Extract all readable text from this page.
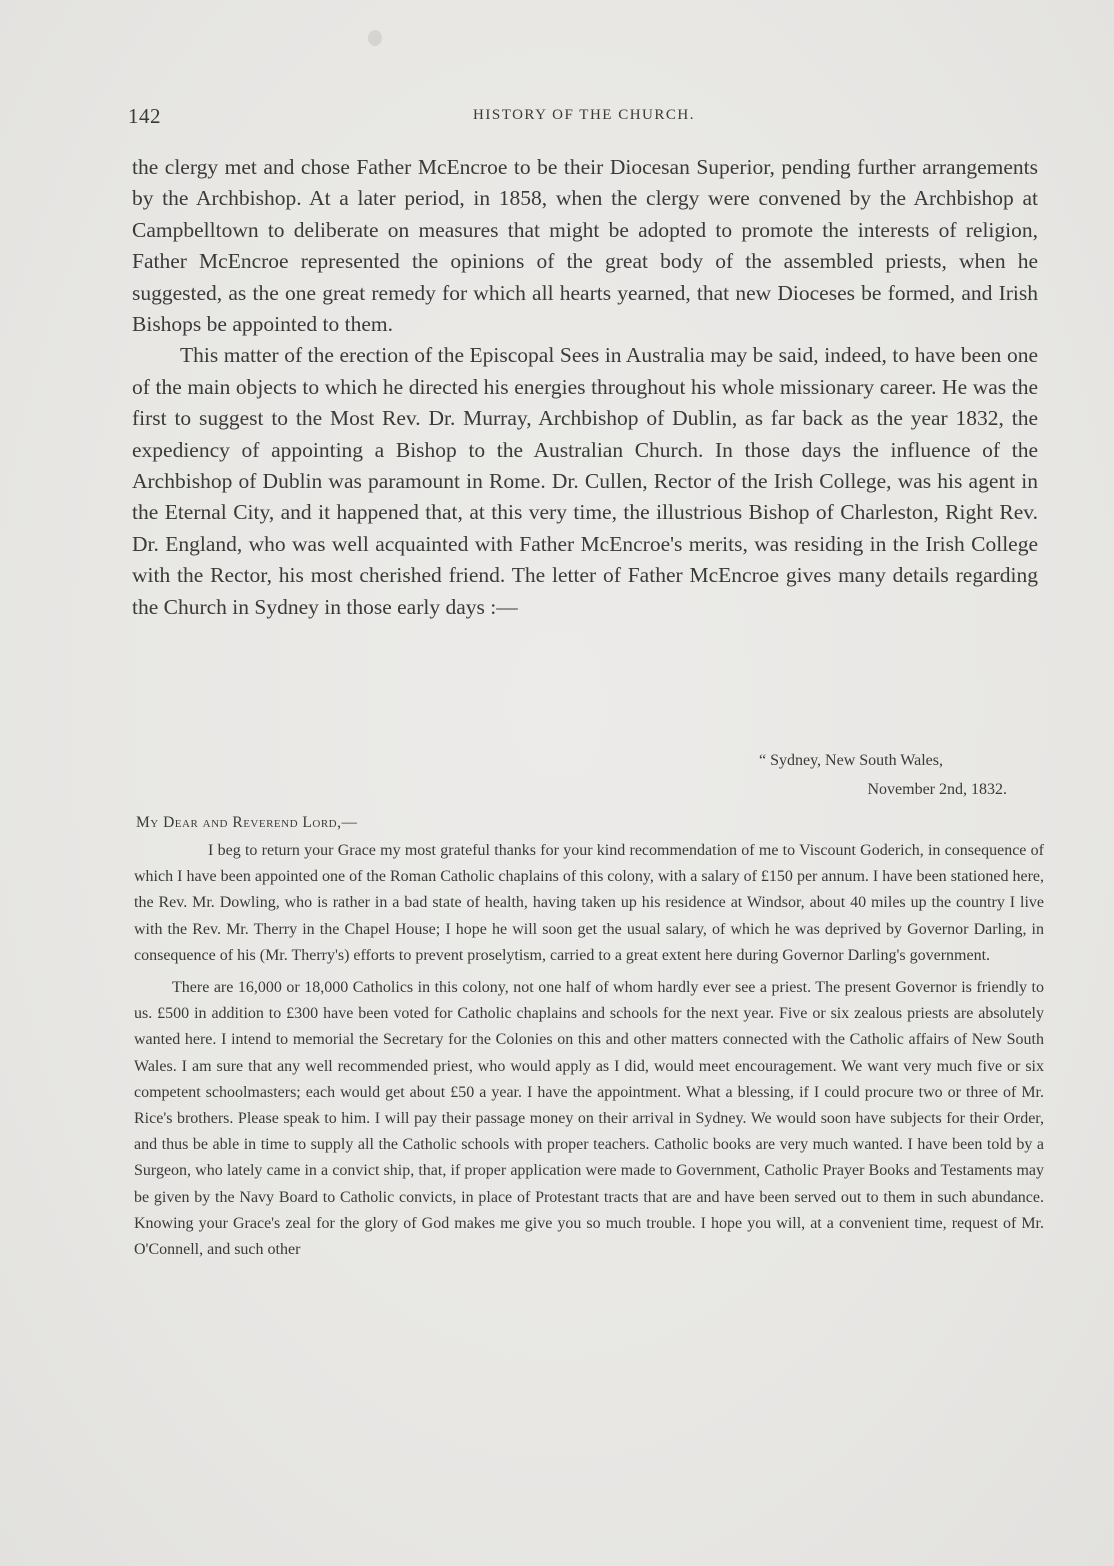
142	HISTORY OF THE CHURCH.

the clergy met and chose Father McEncroe to be their Diocesan Superior, pending further arrangements by the Archbishop. At a later period, in 1858, when the clergy were convened by the Archbishop at Campbelltown to deliberate on measures that might be adopted to promote the interests of religion, Father McEncroe represented the opinions of the great body of the assembled priests, when he suggested, as the one great remedy for which all hearts yearned, that new Dioceses be formed, and Irish Bishops be appointed to them.

This matter of the erection of the Episcopal Sees in Australia may be said, indeed, to have been one of the main objects to which he directed his energies throughout his whole missionary career. He was the first to suggest to the Most Rev. Dr. Murray, Archbishop of Dublin, as far back as the year 1832, the expediency of appointing a Bishop to the Australian Church. In those days the influence of the Archbishop of Dublin was paramount in Rome. Dr. Cullen, Rector of the Irish College, was his agent in the Eternal City, and it happened that, at this very time, the illustrious Bishop of Charleston, Right Rev. Dr. England, who was well acquainted with Father McEncroe's merits, was residing in the Irish College with the Rector, his most cherished friend. The letter of Father McEncroe gives many details regarding the Church in Sydney in those early days :—

“ Sydney, New South Wales,
November 2nd, 1832.
My Dear and Reverend Lord,—

I beg to return your Grace my most grateful thanks for your kind recommendation of me to Viscount Goderich, in consequence of which I have been appointed one of the Roman Catholic chaplains of this colony, with a salary of £150 per annum. I have been stationed here, the Rev. Mr. Dowling, who is rather in a bad state of health, having taken up his residence at Windsor, about 40 miles up the country I live with the Rev. Mr. Therry in the Chapel House; I hope he will soon get the usual salary, of which he was deprived by Governor Darling, in consequence of his (Mr. Therry's) efforts to prevent proselytism, carried to a great extent here during Governor Darling's government.

There are 16,000 or 18,000 Catholics in this colony, not one half of whom hardly ever see a priest. The present Governor is friendly to us. £500 in addition to £300 have been voted for Catholic chaplains and schools for the next year. Five or six zealous priests are absolutely wanted here. I intend to memorial the Secretary for the Colonies on this and other matters connected with the Catholic affairs of New South Wales. I am sure that any well recommended priest, who would apply as I did, would meet encouragement. We want very much five or six competent schoolmasters; each would get about £50 a year. I have the appointment. What a blessing, if I could procure two or three of Mr. Rice's brothers. Please speak to him. I will pay their passage money on their arrival in Sydney. We would soon have subjects for their Order, and thus be able in time to supply all the Catholic schools with proper teachers. Catholic books are very much wanted. I have been told by a Surgeon, who lately came in a convict ship, that, if proper application were made to Government, Catholic Prayer Books and Testaments may be given by the Navy Board to Catholic convicts, in place of Protestant tracts that are and have been served out to them in such abundance. Knowing your Grace's zeal for the glory of God makes me give you so much trouble. I hope you will, at a convenient time, request of Mr. O'Connell, and such other
